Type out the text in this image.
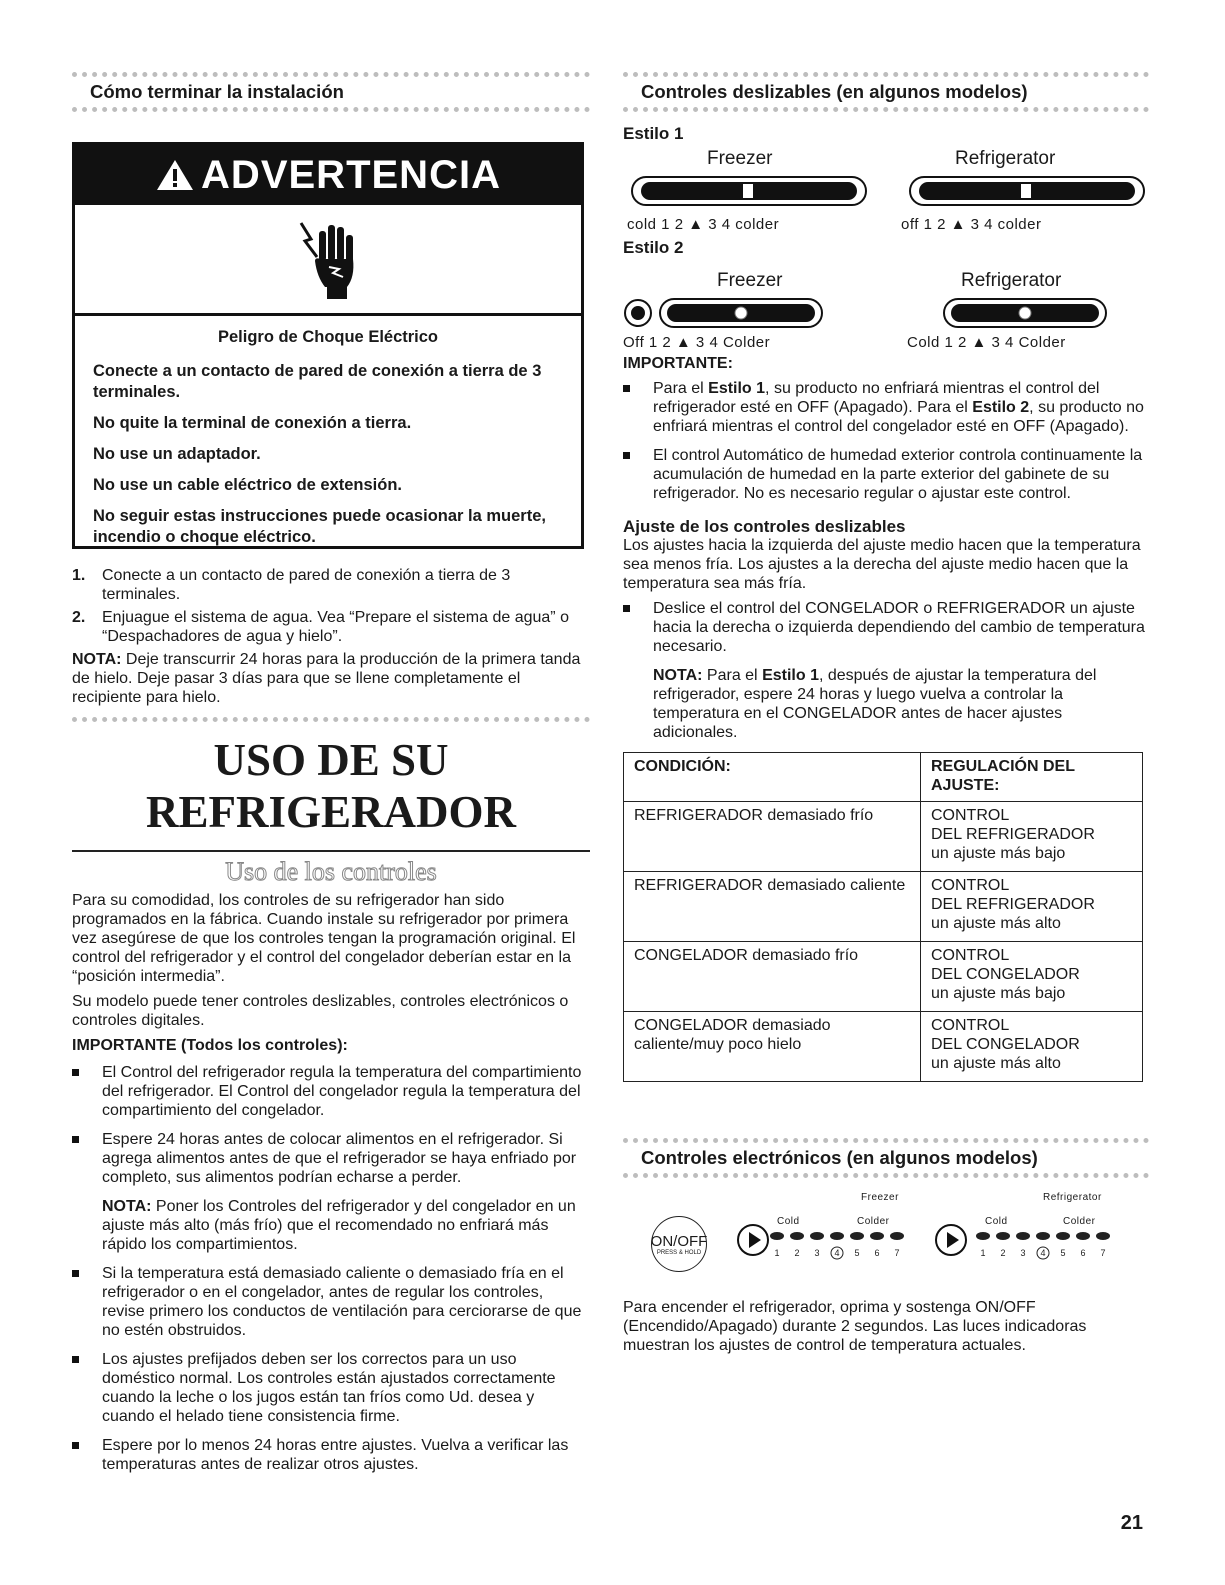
Cómo terminar la instalación
ADVERTENCIA
Peligro de Choque Eléctrico

Conecte a un contacto de pared de conexión a tierra de 3 terminales.

No quite la terminal de conexión a tierra.

No use un adaptador.

No use un cable eléctrico de extensión.

No seguir estas instrucciones puede ocasionar la muerte, incendio o choque eléctrico.

1. Conecte a un contacto de pared de conexión a tierra de 3 terminales.
2. Enjuague el sistema de agua. Vea “Prepare el sistema de agua” o “Despachadores de agua y hielo”.
NOTA: Deje transcurrir 24 horas para la producción de la primera tanda de hielo. Deje pasar 3 días para que se llene completamente el recipiente para hielo.
USO DE SU
REFRIGERADOR
Uso de los controles

Para su comodidad, los controles de su refrigerador han sido programados en la fábrica. Cuando instale su refrigerador por primera vez asegúrese de que los controles tengan la programación original. El control del refrigerador y el control del congelador deberían estar en la “posición intermedia”.

Su modelo puede tener controles deslizables, controles electrónicos o controles digitales.

IMPORTANTE (Todos los controles):
El Control del refrigerador regula la temperatura del compartimiento del refrigerador. El Control del congelador regula la temperatura del compartimiento del congelador.
Espere 24 horas antes de colocar alimentos en el refrigerador. Si agrega alimentos antes de que el refrigerador se haya enfriado por completo, sus alimentos podrían echarse a perder.
NOTA: Poner los Controles del refrigerador y del congelador en un ajuste más alto (más frío) que el recomendado no enfriará más rápido los compartimientos.
Si la temperatura está demasiado caliente o demasiado fría en el refrigerador o en el congelador, antes de regular los controles, revise primero los conductos de ventilación para cerciorarse de que no estén obstruidos.
Los ajustes prefijados deben ser los correctos para un uso doméstico normal. Los controles están ajustados correctamente cuando la leche o los jugos están tan fríos como Ud. desea y cuando el helado tiene consistencia firme.
Espere por lo menos 24 horas entre ajustes. Vuelva a verificar las temperaturas antes de realizar otros ajustes.
Controles deslizables (en algunos modelos)
Estilo 1
Freezer	Refrigerator
cold 1 2 ▲ 3 4 colder	off 1 2 ▲ 3 4 colder
Estilo 2
Freezer	Refrigerator
Off 1 2 ▲ 3 4 Colder	Cold 1 2 ▲ 3 4 Colder
IMPORTANTE:
Para el Estilo 1, su producto no enfriará mientras el control del refrigerador esté en OFF (Apagado). Para el Estilo 2, su producto no enfriará mientras el control del congelador esté en OFF (Apagado).
El control Automático de humedad exterior controla continuamente la acumulación de humedad en la parte exterior del gabinete de su refrigerador. No es necesario regular o ajustar este control.
Ajuste de los controles deslizables

Los ajustes hacia la izquierda del ajuste medio hacen que la temperatura sea menos fría. Los ajustes a la derecha del ajuste medio hacen que la temperatura sea más fría.

Deslice el control del CONGELADOR o REFRIGERADOR un ajuste hacia la derecha o izquierda dependiendo del cambio de temperatura necesario.
NOTA: Para el Estilo 1, después de ajustar la temperatura del refrigerador, espere 24 horas y luego vuelva a controlar la temperatura en el CONGELADOR antes de hacer ajustes adicionales.
CONDICIÓN:	REGULACIÓN DEL AJUSTE:
REFRIGERADOR demasiado frío	CONTROL
DEL REFRIGERADOR
un ajuste más bajo
REFRIGERADOR demasiado caliente	CONTROL
DEL REFRIGERADOR
un ajuste más alto
CONGELADOR demasiado frío	CONTROL
DEL CONGELADOR
un ajuste más bajo
CONGELADOR demasiado caliente/muy poco hielo	CONTROL
DEL CONGELADOR
un ajuste más alto
Controles electrónicos (en algunos modelos)
Freezer	Refrigerator
ON/OFF
PRESS & HOLD
Cold	Colder
1 2 3 4 5 6 7
Cold	Colder
1 2 3 4 5 6 7

Para encender el refrigerador, oprima y sostenga ON/OFF (Encendido/Apagado) durante 2 segundos. Las luces indicadoras muestran los ajustes de control de temperatura actuales.

21
